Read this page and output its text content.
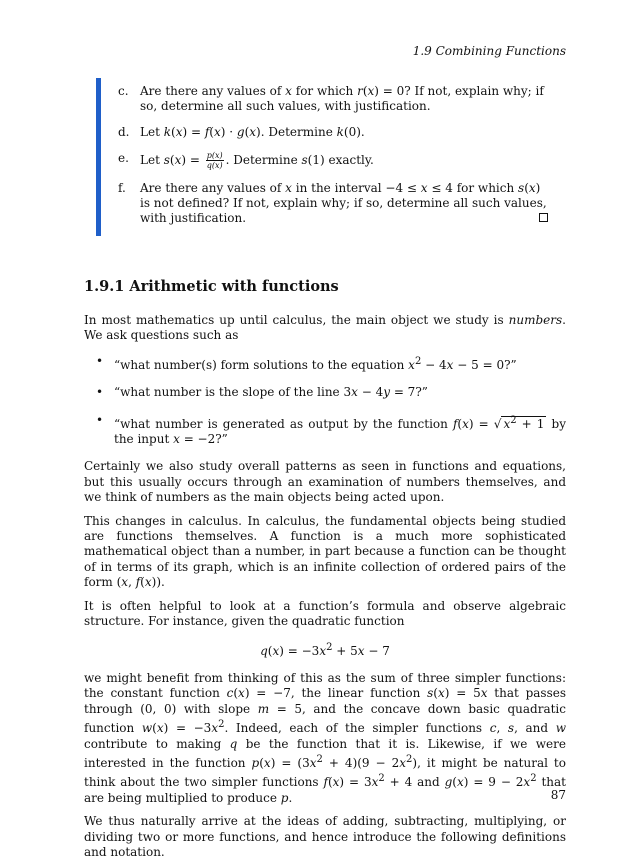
1.9 Combining Functions
c. Are there any values of x for which r(x) = 0? If not, explain why; if so, determine all such values, with justification.
d. Let k(x) = f(x) · g(x). Determine k(0).
e. Let $s(x) = \frac{p(x)}{q(x)}$ . Determine s(1) exactly.
f.	Are there any values of x in the interval −4 ≤ x ≤ 4 for which s(x) is not defined? If not, explain why; if so, determine all such values, with justification.
1.9.1 Arithmetic with functions

In most mathematics up until calculus, the main object we study is numbers. We ask questions such as

• “what number(s) form solutions to the equation $x^2 - 4x - 5 = 0$?”
• “what number is the slope of the line 3x − 4y = 7?”
• “what number is generated as output by the function f(x) = √ $x^2 + 1$ by the input x = −2?”

Certainly we also study overall patterns as seen in functions and equations, but this usually occurs through an examination of numbers themselves, and we think of numbers as the main objects being acted upon.

This changes in calculus. In calculus, the fundamental objects being studied are functions themselves. A function is a much more sophisticated mathematical object than a number, in part because a function can be thought of in terms of its graph, which is an infinite collection of ordered pairs of the form (x, f(x)).

It is often helpful to look at a function’s formula and observe algebraic structure. For instance, given the quadratic function

$q(x) = -3x^2 + 5x - 7$

we might benefit from thinking of this as the sum of three simpler functions: the constant function c(x) = −7, the linear function s(x) = 5x that passes through (0, 0) with slope m = 5, and the concave down basic quadratic function $w(x) = -3x^2$. Indeed, each of the simpler functions c, s, and w contribute to making q be the function that it is. Likewise, if we were interested in the function $p(x) = (3x^2 + 4)(9 - 2x^2)$, it might be natural to think about the two simpler functions $f(x) = 3x^2 + 4$ and $g(x) = 9 - 2x^2$ that are being multiplied to produce p.

We thus naturally arrive at the ideas of adding, subtracting, multiplying, or dividing two or more functions, and hence introduce the following definitions and notation.

87
